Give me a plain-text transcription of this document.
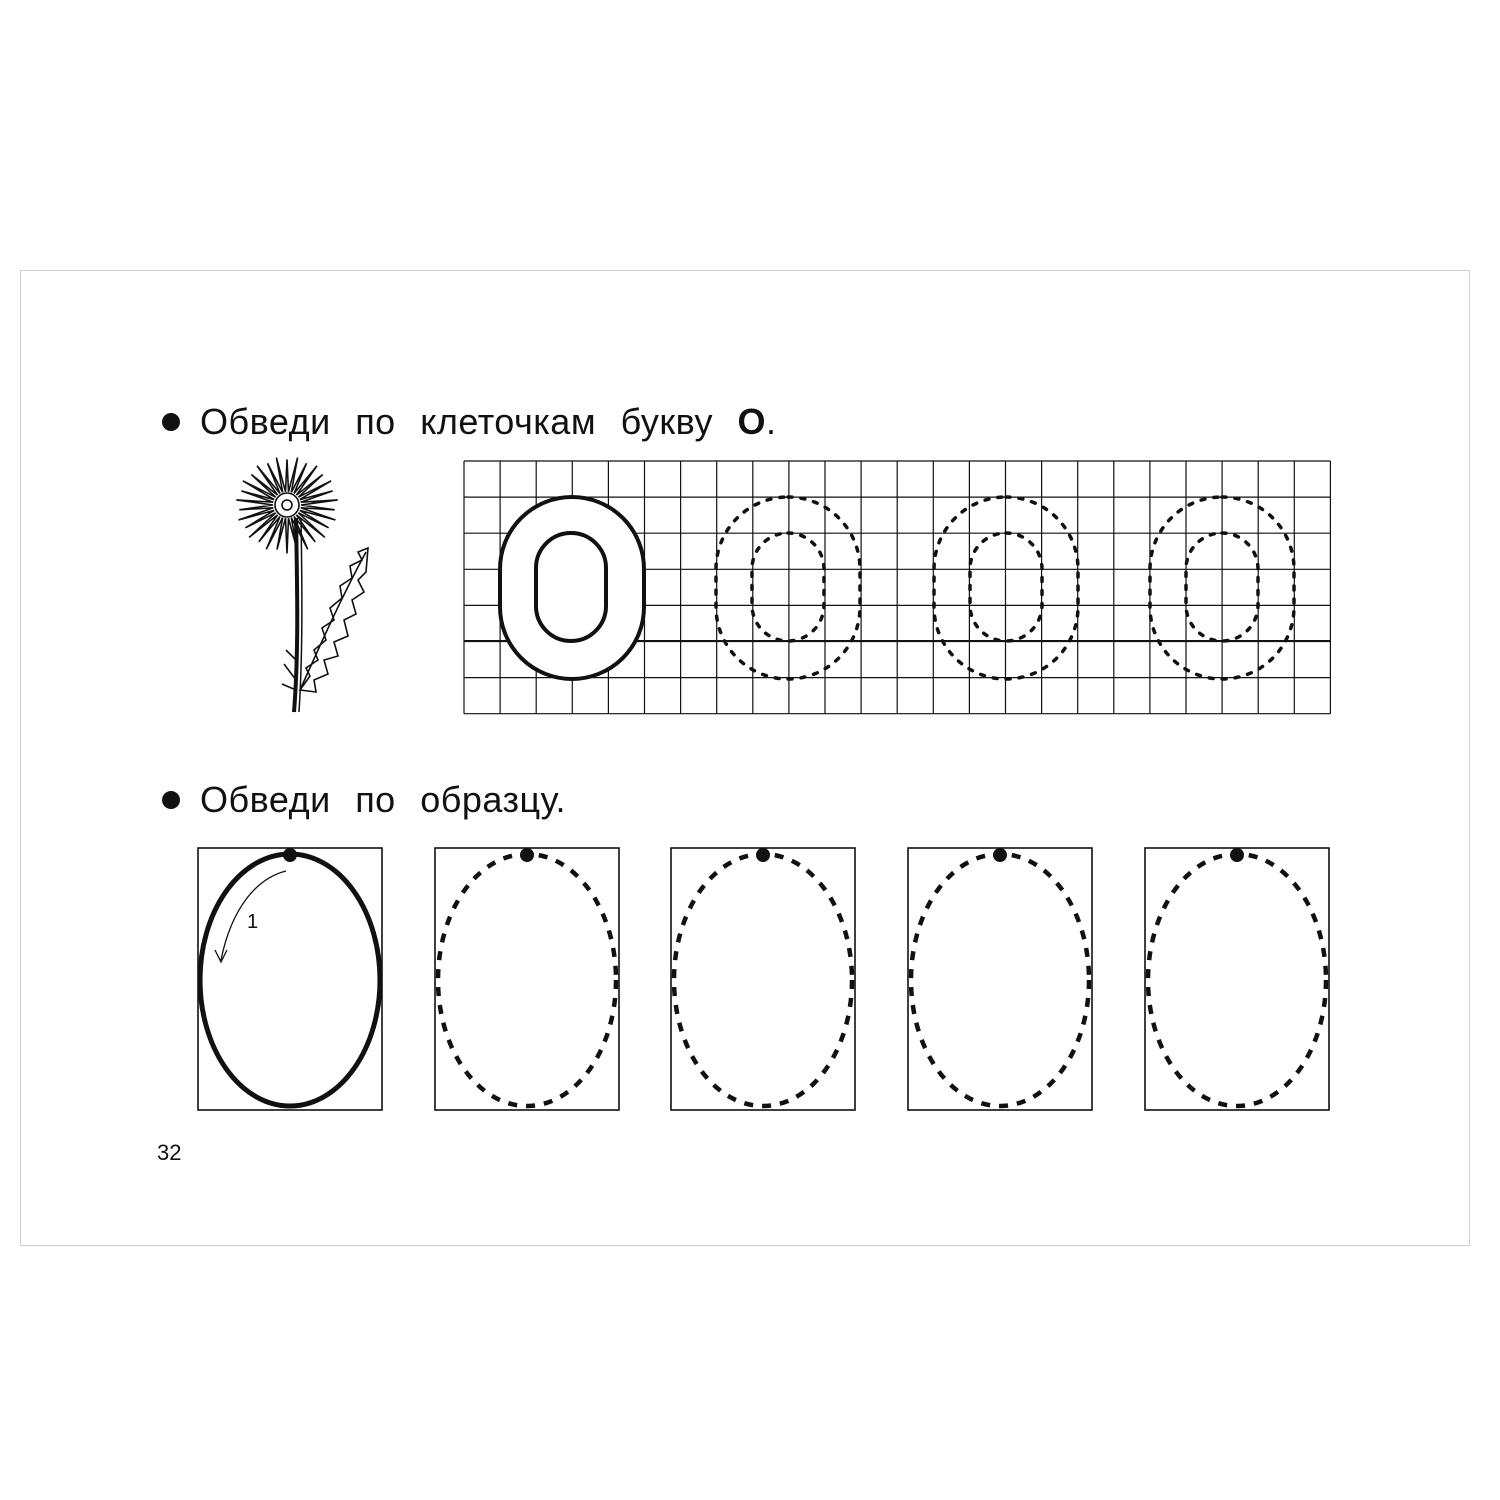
Обведи по клеточкам букву
О .
Обведи по образцу.
1
32
